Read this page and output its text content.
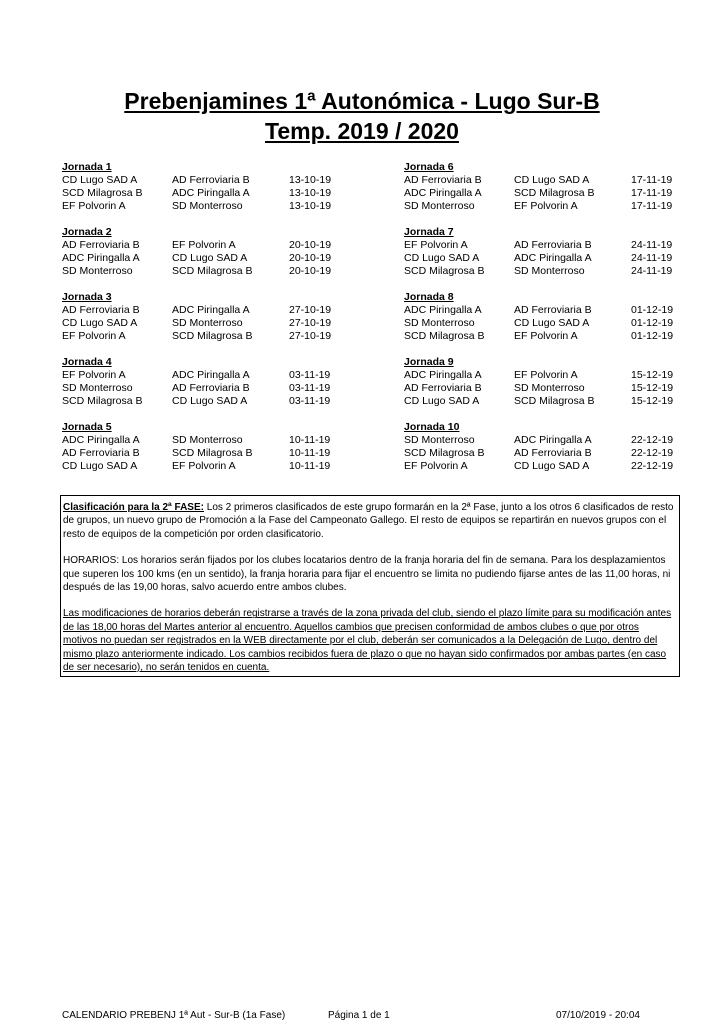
Prebenjamines 1ª Autonómica - Lugo Sur-B
Temp. 2019 / 2020
Jornada 1
CD Lugo SAD A	AD Ferroviaria B	13-10-19
SCD Milagrosa B	ADC Piringalla A	13-10-19
EF Polvorin A	SD Monterroso	13-10-19
Jornada 2
AD Ferroviaria B	EF Polvorin A	20-10-19
ADC Piringalla A	CD Lugo SAD A	20-10-19
SD Monterroso	SCD Milagrosa B	20-10-19
Jornada 3
AD Ferroviaria B	ADC Piringalla A	27-10-19
CD Lugo SAD A	SD Monterroso	27-10-19
EF Polvorin A	SCD Milagrosa B	27-10-19
Jornada 4
EF Polvorin A	ADC Piringalla A	03-11-19
SD Monterroso	AD Ferroviaria B	03-11-19
SCD Milagrosa B	CD Lugo SAD A	03-11-19
Jornada 5
ADC Piringalla A	SD Monterroso	10-11-19
AD Ferroviaria B	SCD Milagrosa B	10-11-19
CD Lugo SAD A	EF Polvorin A	10-11-19
Jornada 6
AD Ferroviaria B	CD Lugo SAD A	17-11-19
ADC Piringalla A	SCD Milagrosa B	17-11-19
SD Monterroso	EF Polvorin A	17-11-19
Jornada 7
EF Polvorin A	AD Ferroviaria B	24-11-19
CD Lugo SAD A	ADC Piringalla A	24-11-19
SCD Milagrosa B	SD Monterroso	24-11-19
Jornada 8
ADC Piringalla A	AD Ferroviaria B	01-12-19
SD Monterroso	CD Lugo SAD A	01-12-19
SCD Milagrosa B	EF Polvorin A	01-12-19
Jornada 9
ADC Piringalla A	EF Polvorin A	15-12-19
AD Ferroviaria B	SD Monterroso	15-12-19
CD Lugo SAD A	SCD Milagrosa B	15-12-19
Jornada 10
SD Monterroso	ADC Piringalla A	22-12-19
SCD Milagrosa B	AD Ferroviaria B	22-12-19
EF Polvorin A	CD Lugo SAD A	22-12-19

Clasificación para la 2ª FASE: Los 2 primeros clasificados de este grupo formarán en la 2ª Fase, junto a los otros 6 clasificados de resto de grupos, un nuevo grupo de Promoción a la Fase del Campeonato Gallego. El resto de equipos se repartirán en nuevos grupos con el resto de equipos de la competición por orden clasificatorio.

HORARIOS: Los horarios serán fijados por los clubes locatarios dentro de la franja horaria del fin de semana. Para los desplazamientos que superen los 100 kms (en un sentido), la franja horaria para fijar el encuentro se limita no pudiendo fijarse antes de las 11,00 horas, ni después de las 19,00 horas, salvo acuerdo entre ambos clubes.

Las modificaciones de horarios deberán registrarse a través de la zona privada del club, siendo el plazo límite para su modificación antes de las 18,00 horas del Martes anterior al encuentro. Aquellos cambios que precisen conformidad de ambos clubes o que por otros motivos no puedan ser registrados en la WEB directamente por el club, deberán ser comunicados a la Delegación de Lugo, dentro del mismo plazo anteriormente indicado. Los cambios recibidos fuera de plazo o que no hayan sido confirmados por ambas partes (en caso de ser necesario), no serán tenidos en cuenta.

CALENDARIO PREBENJ 1ª Aut - Sur-B (1a Fase)	Página 1 de 1	07/10/2019 - 20:04
